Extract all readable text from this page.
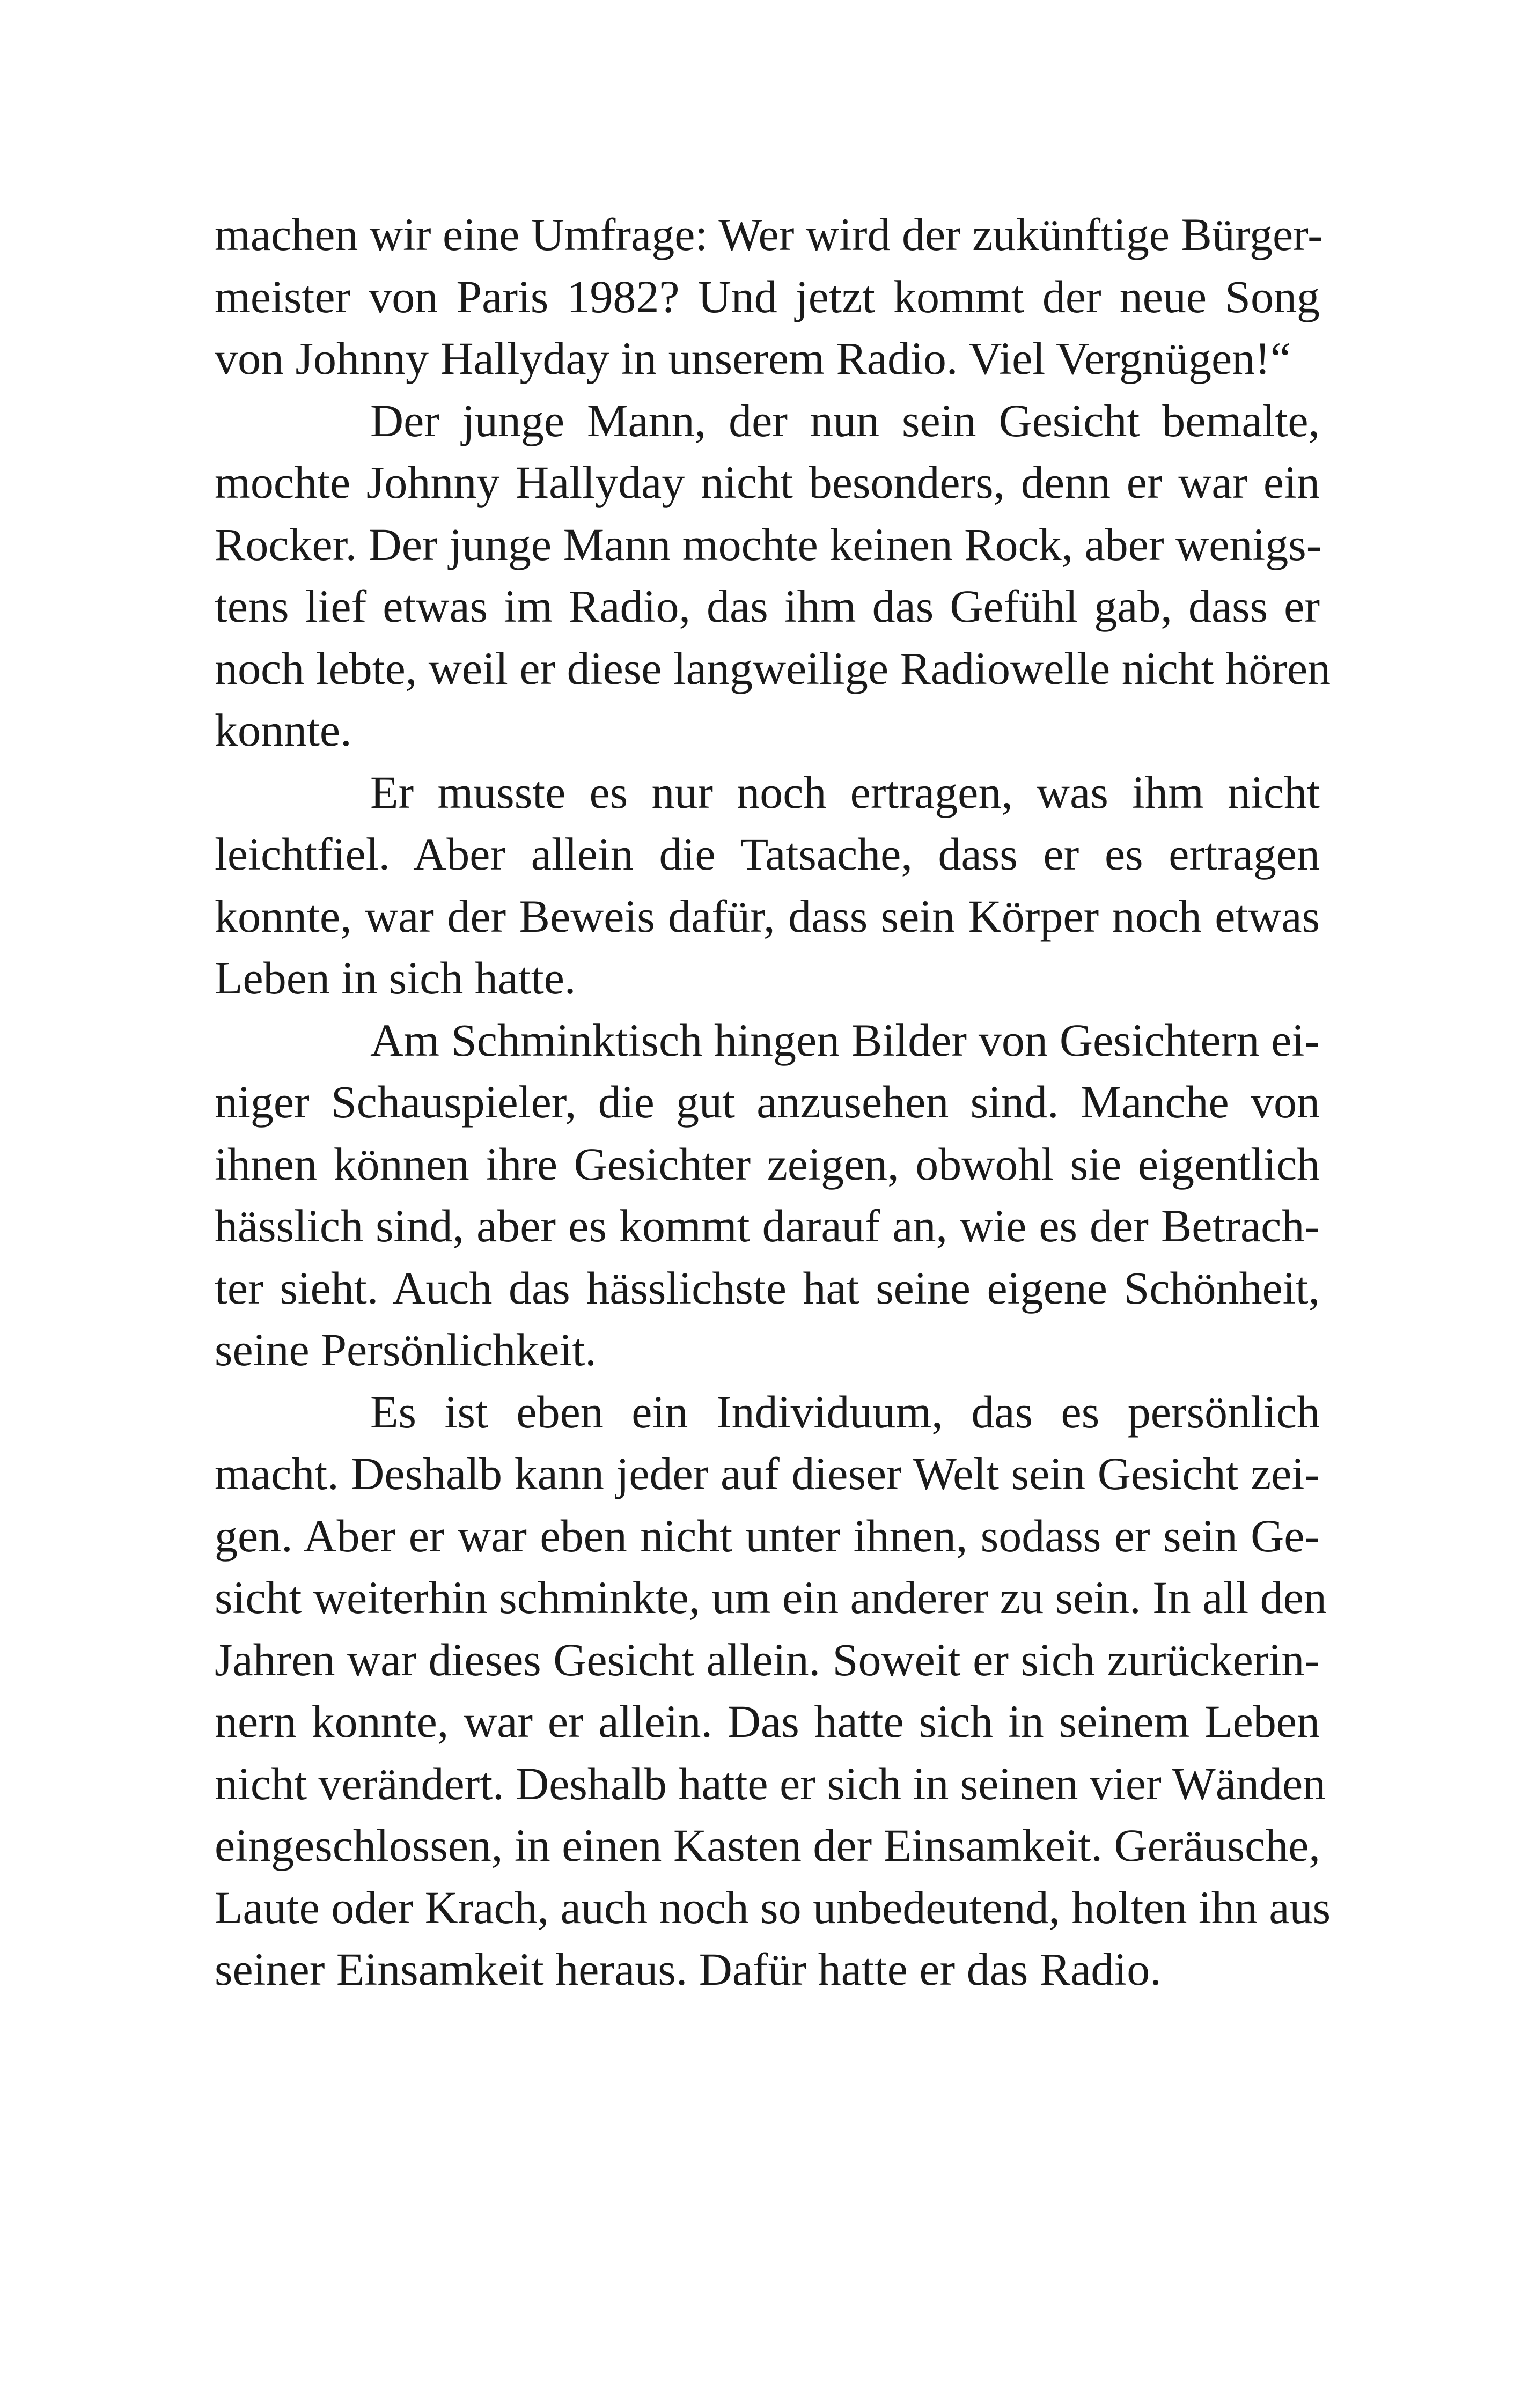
machen wir eine Umfrage: Wer wird der zukünftige Bürger-
meister von Paris 1982? Und jetzt kommt der neue Song
von Johnny Hallyday in unserem Radio. Viel Vergnügen!“

Der junge Mann, der nun sein Gesicht bemalte,
mochte Johnny Hallyday nicht besonders, denn er war ein
Rocker. Der junge Mann mochte keinen Rock, aber wenigs-
tens lief etwas im Radio, das ihm das Gefühl gab, dass er
noch lebte, weil er diese langweilige Radiowelle nicht hören
konnte.

Er musste es nur noch ertragen, was ihm nicht
leichtfiel. Aber allein die Tatsache, dass er es ertragen
konnte, war der Beweis dafür, dass sein Körper noch etwas
Leben in sich hatte.

Am Schminktisch hingen Bilder von Gesichtern ei-
niger Schauspieler, die gut anzusehen sind. Manche von
ihnen können ihre Gesichter zeigen, obwohl sie eigentlich
hässlich sind, aber es kommt darauf an, wie es der Betrach-
ter sieht. Auch das hässlichste hat seine eigene Schönheit,
seine Persönlichkeit.

Es ist eben ein Individuum, das es persönlich
macht. Deshalb kann jeder auf dieser Welt sein Gesicht zei-
gen. Aber er war eben nicht unter ihnen, sodass er sein Ge-
sicht weiterhin schminkte, um ein anderer zu sein. In all den
Jahren war dieses Gesicht allein. Soweit er sich zurückerin-
nern konnte, war er allein. Das hatte sich in seinem Leben
nicht verändert. Deshalb hatte er sich in seinen vier Wänden
eingeschlossen, in einen Kasten der Einsamkeit. Geräusche,
Laute oder Krach, auch noch so unbedeutend, holten ihn aus
seiner Einsamkeit heraus. Dafür hatte er das Radio.
